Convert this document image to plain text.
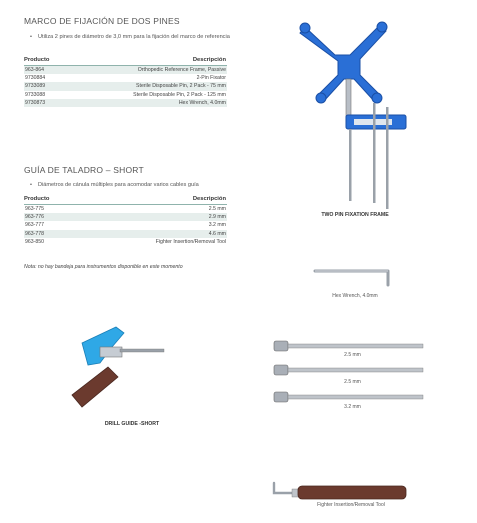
MARCO DE FIJACIÓN DE DOS PINES
• Utiliza 2 pines de diámetro de 3,0 mm para la fijación del marco de referencia
Producto	Descripción
963-864	Orthopedic Reference Frame, Passive
9730884	2-Pin Fixator
9733089	Sterile Disposable Pin, 2 Pack - 75 mm
9733088	Sterile Disposable Pin, 2 Pack - 125 mm
9730873	Hex Wrench, 4.0mm
GUÍA DE TALADRO – SHORT
• Diámetros de cánula múltiples para acomodar varios cables guía
Producto	Descripción
963-775	2.5 mm
963-776	2.9 mm
963-777	3.2 mm
963-778	4.6 mm
963-850	Fighter Insertion/Removal Tool
Nota: no hay bandeja para instrumentos disponible en este momento
TWO PIN FIXATION FRAME
Hex Wrench, 4.0mm
DRILL GUIDE -SHORT
2.5 mm
2.5 mm
3.2 mm
Fighter Insertion/Removal Tool
